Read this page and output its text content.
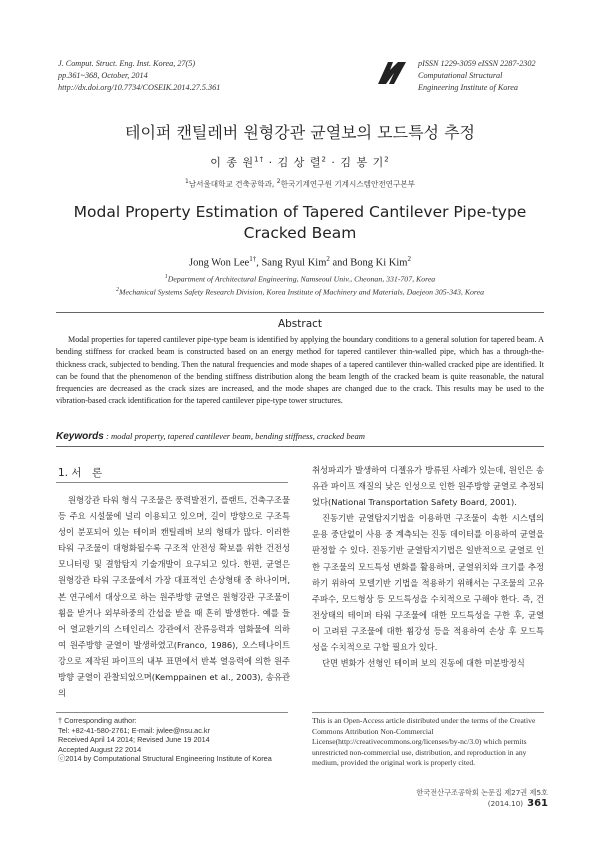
J. Comput. Struct. Eng. Inst. Korea, 27(5)
pp.361~368, October, 2014
http://dx.doi.org/10.7734/COSEIK.2014.27.5.361
pISSN 1229-3059 eISSN 2287-2302
Computational Structural
Engineering Institute of Korea
테이퍼 캔틸레버 원형강관 균열보의 모드특성 추정
이 종 원$^{1\dagger}$ · 김 상 렬$^2$ · 김 봉 기$^2$
$^1$남서울대학교 건축공학과, $^2$한국기계연구원 기계시스템안전연구본부
Modal Property Estimation of Tapered Cantilever Pipe-type
Cracked Beam
Jong Won Lee$^{1\dagger}$, Sang Ryul Kim$^2$ and Bong Ki Kim$^2$
$^1$Department of Architectural Engineering, Namseoul Univ., Cheonan, 331-707, Korea
$^2$Mechanical Systems Safety Research Division, Korea Institute of Machinery and Materials, Daejeon 305-343, Korea
Abstract
Modal properties for tapered cantilever pipe-type beam is identified by applying the boundary conditions to a general solution for tapered beam. A bending stiffness for cracked beam is constructed based on an energy method for tapered cantilever thin-walled pipe, which has a through-the-thickness crack, subjected to bending. Then the natural frequencies and mode shapes of a tapered cantilever thin-walled cracked pipe are identified. It can be found that the phenomenon of the bending stiffness distribution along the beam length of the cracked beam is quite reasonable, the natural frequencies are decreased as the crack sizes are increased, and the mode shapes are changed due to the crack. This results may be used to the vibration-based crack identification for the tapered cantilever pipe-type tower structures.
Keywords : modal property, tapered cantilever beam, bending stiffness, cracked beam
1. 서　론

원형강관 타워 형식 구조물은 풍력발전기, 플랜트, 건축구조물 등 주요 시설물에 널리 이용되고 있으며, 길이 방향으로 구조특성이 분포되어 있는 테이퍼 캔틸레버 보의 형태가 많다. 이러한 타워 구조물이 대형화될수록 구조적 안전성 확보를 위한 건전성 모니터링 및 결함탐지 기술개발이 요구되고 있다. 한편, 균열은 원형강관 타워 구조물에서 가장 대표적인 손상형태 중 하나이며, 본 연구에서 대상으로 하는 원주방향 균열은 원형강관 구조물이 휨을 받거나 외부하중의 간섭을 받을 때 흔히 발생한다. 예를 들어 열교환기의 스테인리스 강관에서 잔류응력과 염화물에 의하여 원주방향 균열이 발생하였고(Franco, 1986), 오스테나이트 강으로 제작된 파이프의 내부 표면에서 반복 열응력에 의한 원주방향 균열이 관찰되었으며(Kemppainen et al., 2003), 송유관의

취성파괴가 발생하여 디젤유가 방류된 사례가 있는데, 원인은 송유관 파이프 재질의 낮은 인성으로 인한 원주방향 균열로 추정되었다(National Transportation Safety Board, 2001).

진동기반 균열탐지기법을 이용하면 구조물이 속한 시스템의 운용 중단없이 사용 중 계측되는 진동 데이터를 이용하여 균열을 판정할 수 있다. 진동기반 균열탐지기법은 일반적으로 균열로 인한 구조물의 모드특성 변화를 활용하며, 균열위치와 크기를 추정하기 위하여 모델기반 기법을 적용하기 위해서는 구조물의 고유주파수, 모드형상 등 모드특성을 수치적으로 구해야 한다. 즉, 건전상태의 테이퍼 타워 구조물에 대한 모드특성을 구한 후, 균열이 고려된 구조물에 대한 휨강성 등을 적용하여 손상 후 모드특성을 수치적으로 구할 필요가 있다.

단면 변화가 선형인 테이퍼 보의 진동에 대한 미분방정식

† Corresponding author:
Tel: +82-41-580-2761; E-mail: jwlee@nsu.ac.kr
Received April 14 2014; Revised June 19 2014
Accepted August 22 2014
ⓒ2014 by Computational Structural Engineering Institute of Korea
This is an Open-Access article distributed under the terms of the Creative Commons Attribution Non-Commercial License(http://creativecommons.org/licenses/by-nc/3.0) which permits unrestricted non-commercial use, distribution, and reproduction in any medium, provided the original work is properly cited.
한국전산구조공학회 논문집 제27권 제5호(2014.10) 361
